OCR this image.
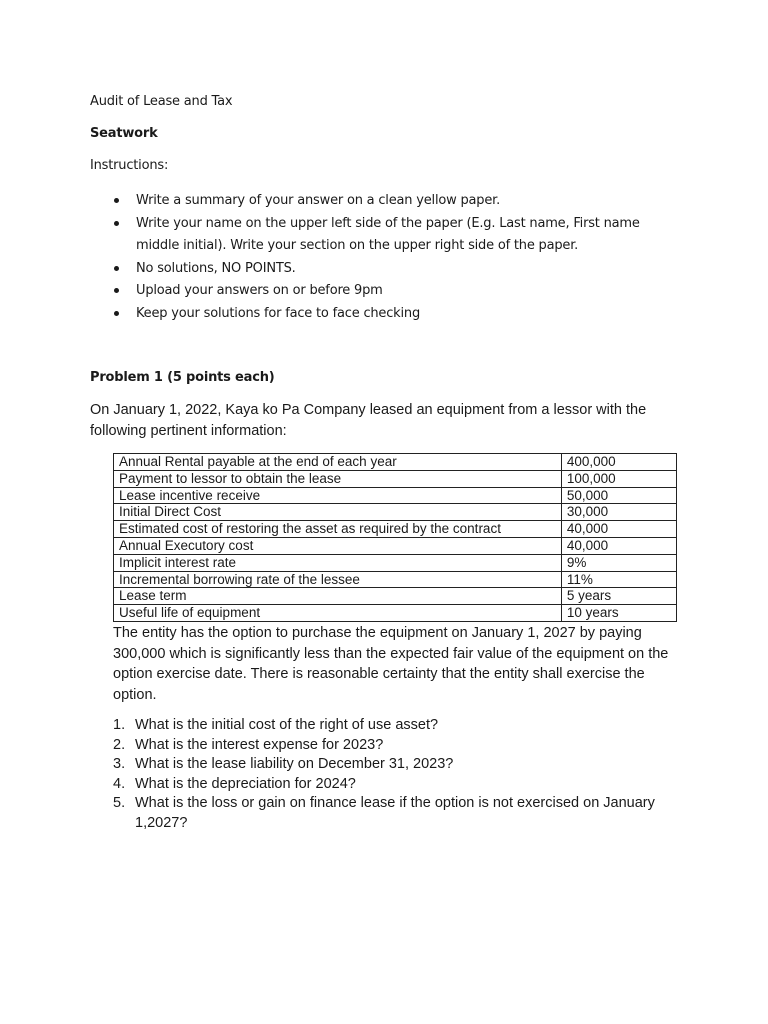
Audit of Lease and Tax
Seatwork
Instructions:
Write a summary of your answer on a clean yellow paper.
Write your name on the upper left side of the paper (E.g. Last name, First name middle initial). Write your section on the upper right side of the paper.
No solutions, NO POINTS.
Upload your answers on or before 9pm
Keep your solutions for face to face checking
Problem 1 (5 points each)
On January 1, 2022, Kaya ko Pa Company leased an equipment from a lessor with the following pertinent information:
Annual Rental payable at the end of each year	400,000
Payment to lessor to obtain the lease	100,000
Lease incentive receive	50,000
Initial Direct Cost	30,000
Estimated cost of restoring the asset as required by the contract	40,000
Annual Executory cost	40,000
Implicit interest rate	9%
Incremental borrowing rate of the lessee	11%
Lease term	5 years
Useful life of equipment	10 years
The entity has the option to purchase the equipment on January 1, 2027 by paying 300,000 which is significantly less than the expected fair value of the equipment on the option exercise date. There is reasonable certainty that the entity shall exercise the option.
1. What is the initial cost of the right of use asset?
2. What is the interest expense for 2023?
3. What is the lease liability on December 31, 2023?
4. What is the depreciation for 2024?
5. What is the loss or gain on finance lease if the option is not exercised on January 1,2027?
